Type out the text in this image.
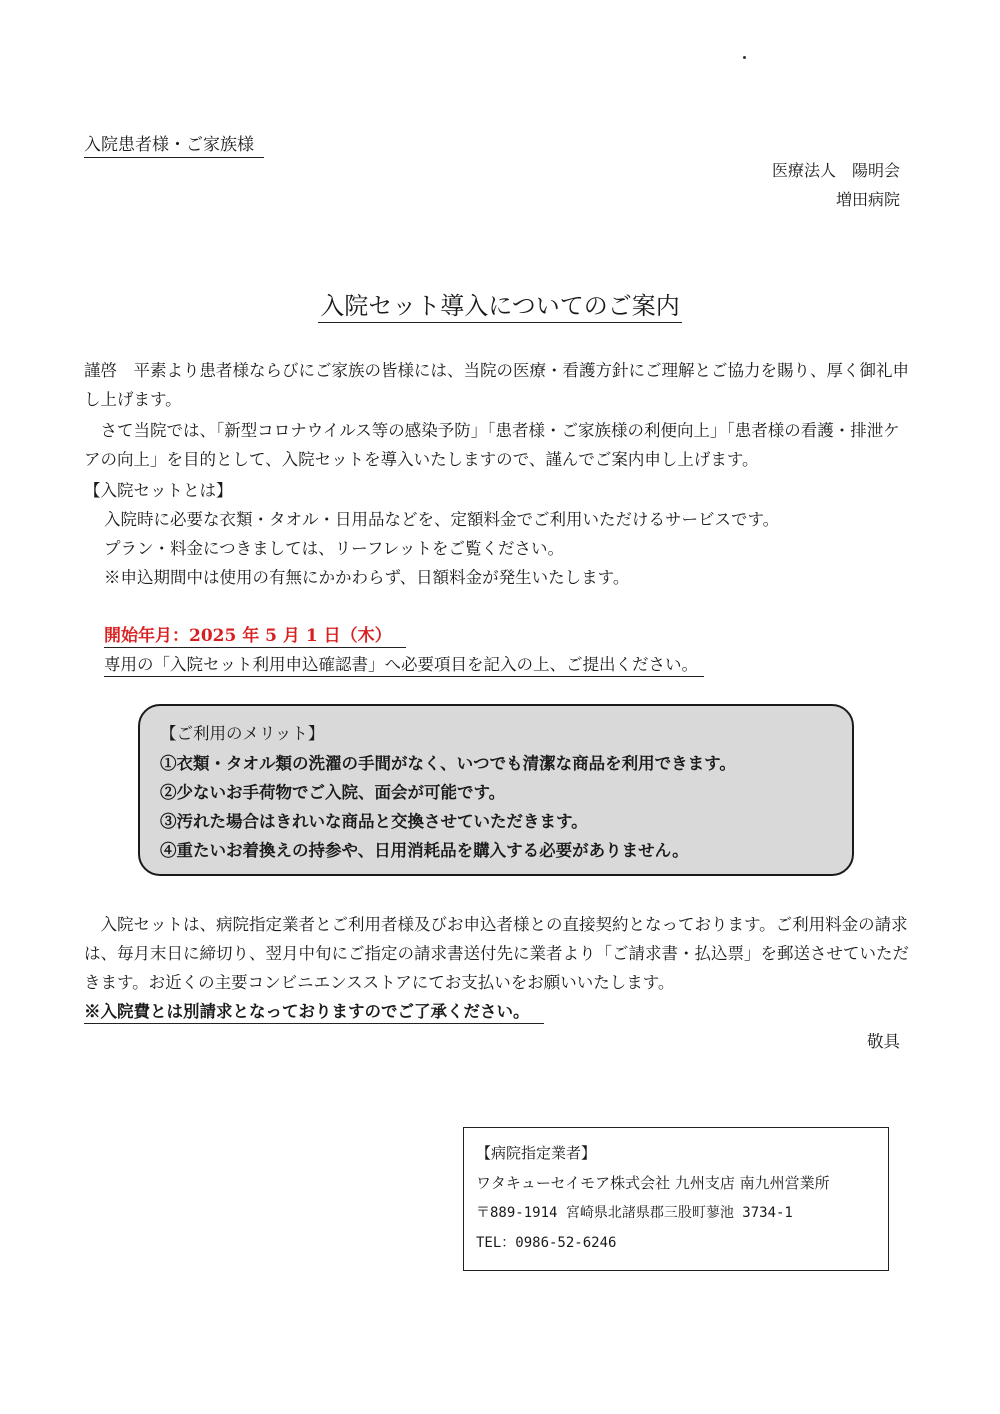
入院患者様・ご家族様
医療法人　陽明会
増田病院
入院セット導入についてのご案内
謹啓　平素より患者様ならびにご家族の皆様には、当院の医療・看護方針にご理解とご協力を賜り、厚く御礼申し上げます。
　さて当院では、「新型コロナウイルス等の感染予防」「患者様・ご家族様の利便向上」「患者様の看護・排泄ケアの向上」を目的として、入院セットを導入いたしますので、謹んでご案内申し上げます。
【入院セットとは】
入院時に必要な衣類・タオル・日用品などを、定額料金でご利用いただけるサービスです。
プラン・料金につきましては、リーフレットをご覧ください。
※申込期間中は使用の有無にかかわらず、日額料金が発生いたします。
開始年月：2025 年 5 月 1 日（木）
専用の「入院セット利用申込確認書」へ必要項目を記入の上、ご提出ください。
【ご利用のメリット】
①衣類・タオル類の洗濯の手間がなく、いつでも清潔な商品を利用できます。
②少ないお手荷物でご入院、面会が可能です。
③汚れた場合はきれいな商品と交換させていただきます。
④重たいお着換えの持参や、日用消耗品を購入する必要がありません。
　入院セットは、病院指定業者とご利用者様及びお申込者様との直接契約となっております。ご利用料金の請求は、毎月末日に締切り、翌月中旬にご指定の請求書送付先に業者より「ご請求書・払込票」を郵送させていただきます。お近くの主要コンビニエンスストアにてお支払いをお願いいたします。
※入院費とは別請求となっておりますのでご了承ください。
敬具
【病院指定業者】
ワタキューセイモア株式会社 九州支店 南九州営業所
〒889-1914 宮崎県北諸県郡三股町蓼池 3734-1
TEL：0986-52-6246
